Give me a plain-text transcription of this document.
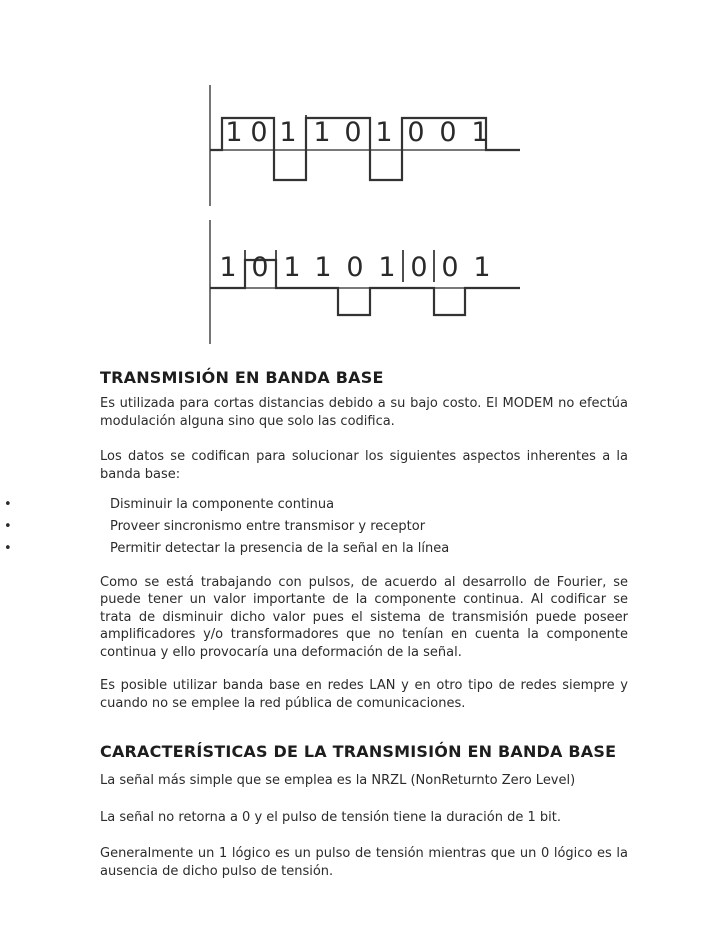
1 0 1 1 0 1 0 0 1
1 0 1 1 0 1 0 0 1
TRANSMISIÓN EN BANDA BASE

Es utilizada para cortas distancias debido a su bajo costo. El MODEM no efectúa modulación alguna sino que solo las codifica.

Los datos se codifican para solucionar los siguientes aspectos inherentes a la banda base:

•	Disminuir la componente continua
•	Proveer sincronismo entre transmisor y receptor
•	Permitir detectar la presencia de la señal en la línea

Como se está trabajando con pulsos, de acuerdo al desarrollo de Fourier, se puede tener un valor importante de la componente continua. Al codificar se trata de disminuir dicho valor pues el sistema de transmisión puede poseer amplificadores y/o transformadores que no tenían en cuenta la componente continua y ello provocaría una deformación de la señal.

Es posible utilizar banda base en redes LAN y en otro tipo de redes siempre y cuando no se emplee la red pública de comunicaciones.

CARACTERÍSTICAS DE LA TRANSMISIÓN EN BANDA BASE

La señal más simple que se emplea es la NRZL (NonReturnto Zero Level)

La señal no retorna a 0 y el pulso de tensión tiene la duración de 1 bit.

Generalmente un 1 lógico es un pulso de tensión mientras que un 0 lógico es la ausencia de dicho pulso de tensión.
